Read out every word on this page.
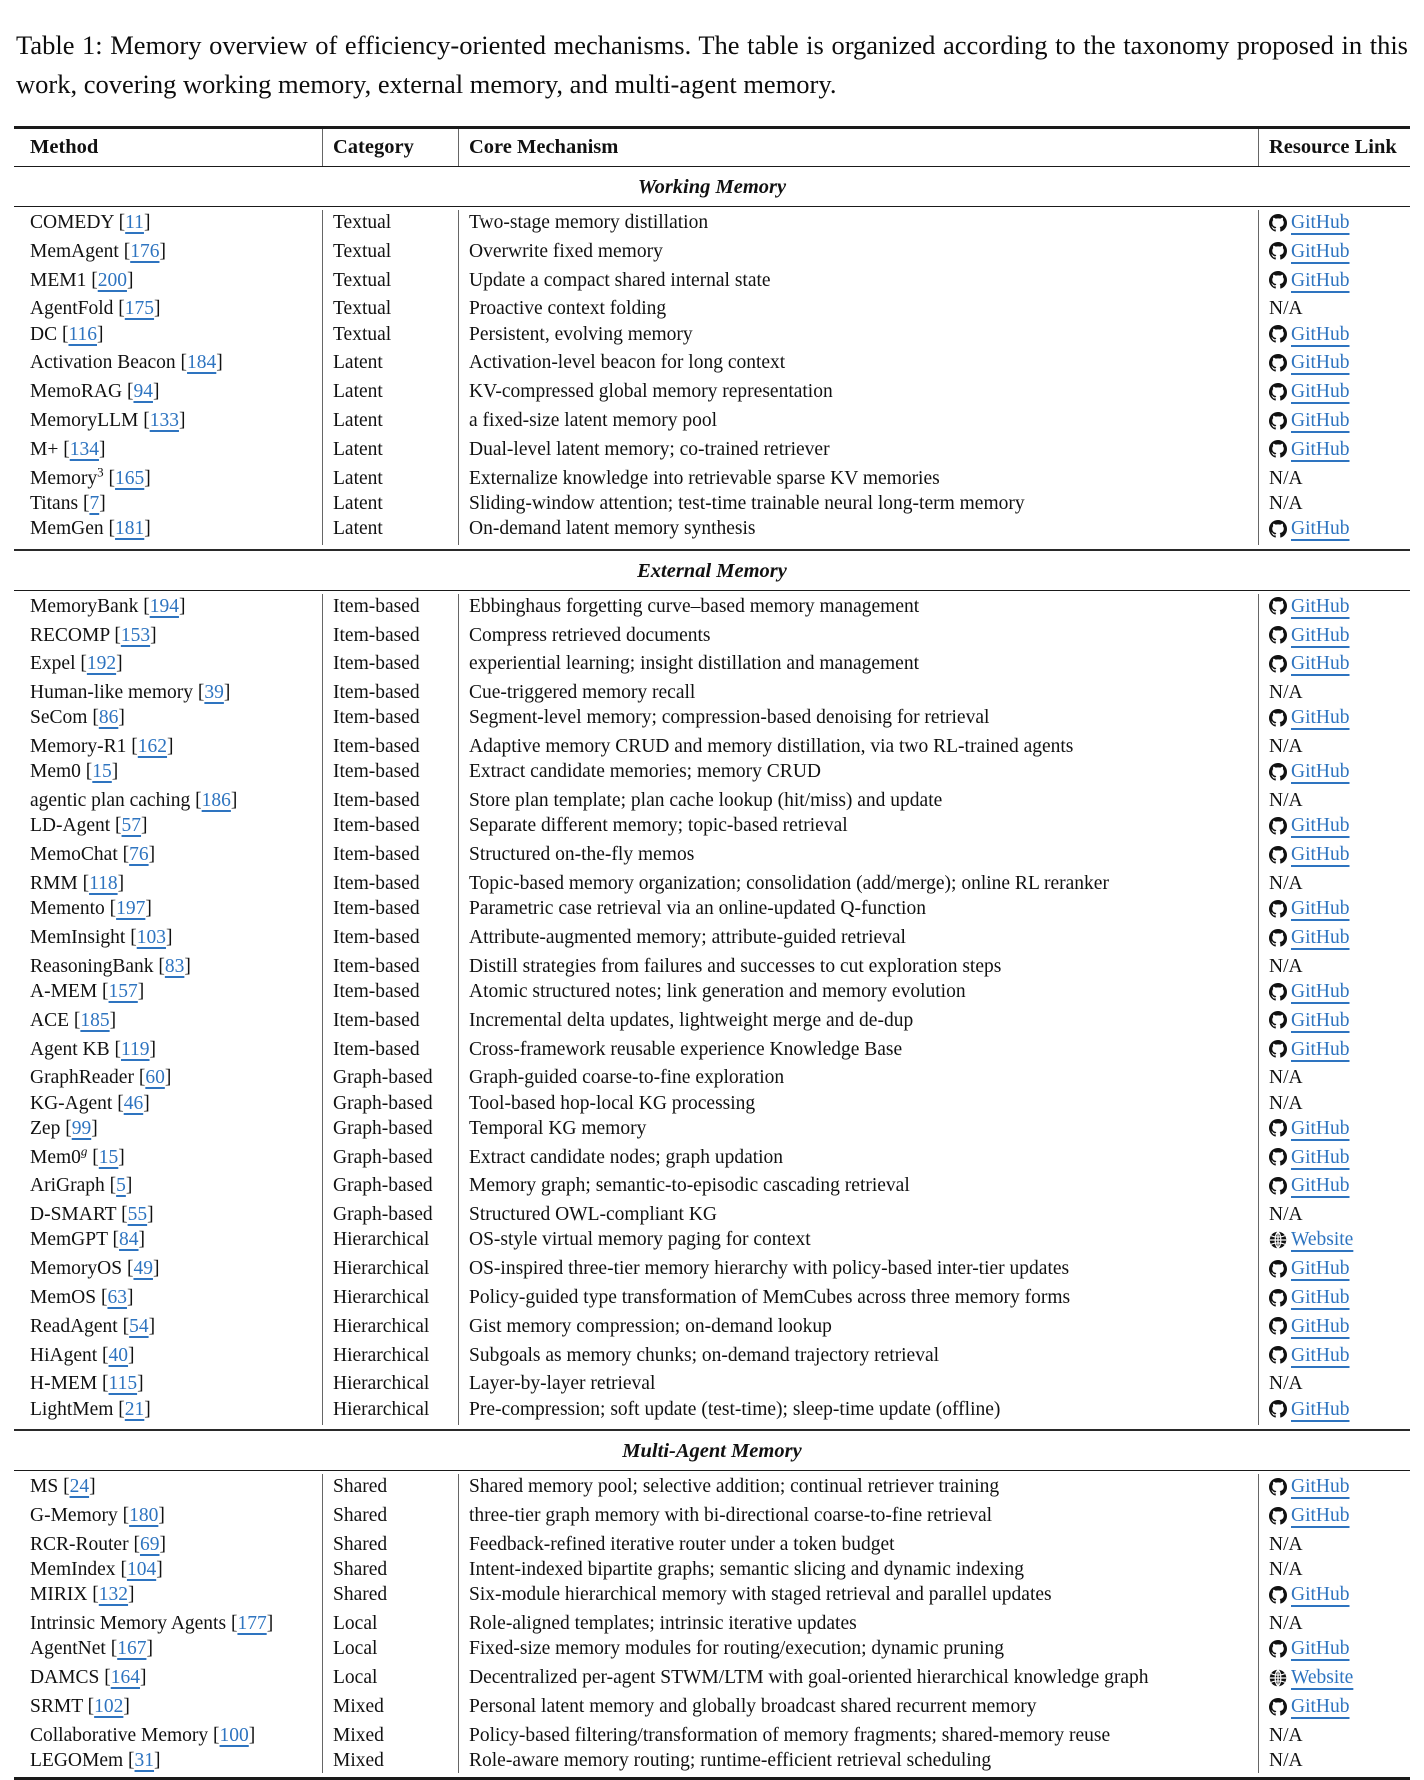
Table 1: Memory overview of efficiency-oriented mechanisms. The table is organized according to the taxonomy proposed in this work, covering working memory, external memory, and multi-agent memory.

Method	Category	Core Mechanism	Resource Link
Working Memory
COMEDY [11]	Textual	Two-stage memory distillation	GitHub
MemAgent [176]	Textual	Overwrite fixed memory	GitHub
MEM1 [200]	Textual	Update a compact shared internal state	GitHub
AgentFold [175]	Textual	Proactive context folding	N/A
DC [116]	Textual	Persistent, evolving memory	GitHub
Activation Beacon [184]	Latent	Activation-level beacon for long context	GitHub
MemoRAG [94]	Latent	KV-compressed global memory representation	GitHub
MemoryLLM [133]	Latent	a fixed-size latent memory pool	GitHub
M+ [134]	Latent	Dual-level latent memory; co-trained retriever	GitHub
Memory$^3$ [165]	Latent	Externalize knowledge into retrievable sparse KV memories	N/A
Titans [7]	Latent	Sliding-window attention; test-time trainable neural long-term memory	N/A
MemGen [181]	Latent	On-demand latent memory synthesis	GitHub
External Memory
MemoryBank [194]	Item-based	Ebbinghaus forgetting curve–based memory management	GitHub
RECOMP [153]	Item-based	Compress retrieved documents	GitHub
Expel [192]	Item-based	experiential learning; insight distillation and management	GitHub
Human-like memory [39]	Item-based	Cue-triggered memory recall	N/A
SeCom [86]	Item-based	Segment-level memory; compression-based denoising for retrieval	GitHub
Memory-R1 [162]	Item-based	Adaptive memory CRUD and memory distillation, via two RL-trained agents	N/A
Mem0 [15]	Item-based	Extract candidate memories; memory CRUD	GitHub
agentic plan caching [186]	Item-based	Store plan template; plan cache lookup (hit/miss) and update	N/A
LD-Agent [57]	Item-based	Separate different memory; topic-based retrieval	GitHub
MemoChat [76]	Item-based	Structured on-the-fly memos	GitHub
RMM [118]	Item-based	Topic-based memory organization; consolidation (add/merge); online RL reranker	N/A
Memento [197]	Item-based	Parametric case retrieval via an online-updated Q-function	GitHub
MemInsight [103]	Item-based	Attribute-augmented memory; attribute-guided retrieval	GitHub
ReasoningBank [83]	Item-based	Distill strategies from failures and successes to cut exploration steps	N/A
A-MEM [157]	Item-based	Atomic structured notes; link generation and memory evolution	GitHub
ACE [185]	Item-based	Incremental delta updates, lightweight merge and de-dup	GitHub
Agent KB [119]	Item-based	Cross-framework reusable experience Knowledge Base	GitHub
GraphReader [60]	Graph-based	Graph-guided coarse-to-fine exploration	N/A
KG-Agent [46]	Graph-based	Tool-based hop-local KG processing	N/A
Zep [99]	Graph-based	Temporal KG memory	GitHub
Mem0$^g$ [15]	Graph-based	Extract candidate nodes; graph updation	GitHub
AriGraph [5]	Graph-based	Memory graph; semantic-to-episodic cascading retrieval	GitHub
D-SMART [55]	Graph-based	Structured OWL-compliant KG	N/A
MemGPT [84]	Hierarchical	OS-style virtual memory paging for context	Website
MemoryOS [49]	Hierarchical	OS-inspired three-tier memory hierarchy with policy-based inter-tier updates	GitHub
MemOS [63]	Hierarchical	Policy-guided type transformation of MemCubes across three memory forms	GitHub
ReadAgent [54]	Hierarchical	Gist memory compression; on-demand lookup	GitHub
HiAgent [40]	Hierarchical	Subgoals as memory chunks; on-demand trajectory retrieval	GitHub
H-MEM [115]	Hierarchical	Layer-by-layer retrieval	N/A
LightMem [21]	Hierarchical	Pre-compression; soft update (test-time); sleep-time update (offline)	GitHub
Multi-Agent Memory
MS [24]	Shared	Shared memory pool; selective addition; continual retriever training	GitHub
G-Memory [180]	Shared	three-tier graph memory with bi-directional coarse-to-fine retrieval	GitHub
RCR-Router [69]	Shared	Feedback-refined iterative router under a token budget	N/A
MemIndex [104]	Shared	Intent-indexed bipartite graphs; semantic slicing and dynamic indexing	N/A
MIRIX [132]	Shared	Six-module hierarchical memory with staged retrieval and parallel updates	GitHub
Intrinsic Memory Agents [177]	Local	Role-aligned templates; intrinsic iterative updates	N/A
AgentNet [167]	Local	Fixed-size memory modules for routing/execution; dynamic pruning	GitHub
DAMCS [164]	Local	Decentralized per-agent STWM/LTM with goal-oriented hierarchical knowledge graph	Website
SRMT [102]	Mixed	Personal latent memory and globally broadcast shared recurrent memory	GitHub
Collaborative Memory [100]	Mixed	Policy-based filtering/transformation of memory fragments; shared-memory reuse	N/A
LEGOMem [31]	Mixed	Role-aware memory routing; runtime-efficient retrieval scheduling	N/A
